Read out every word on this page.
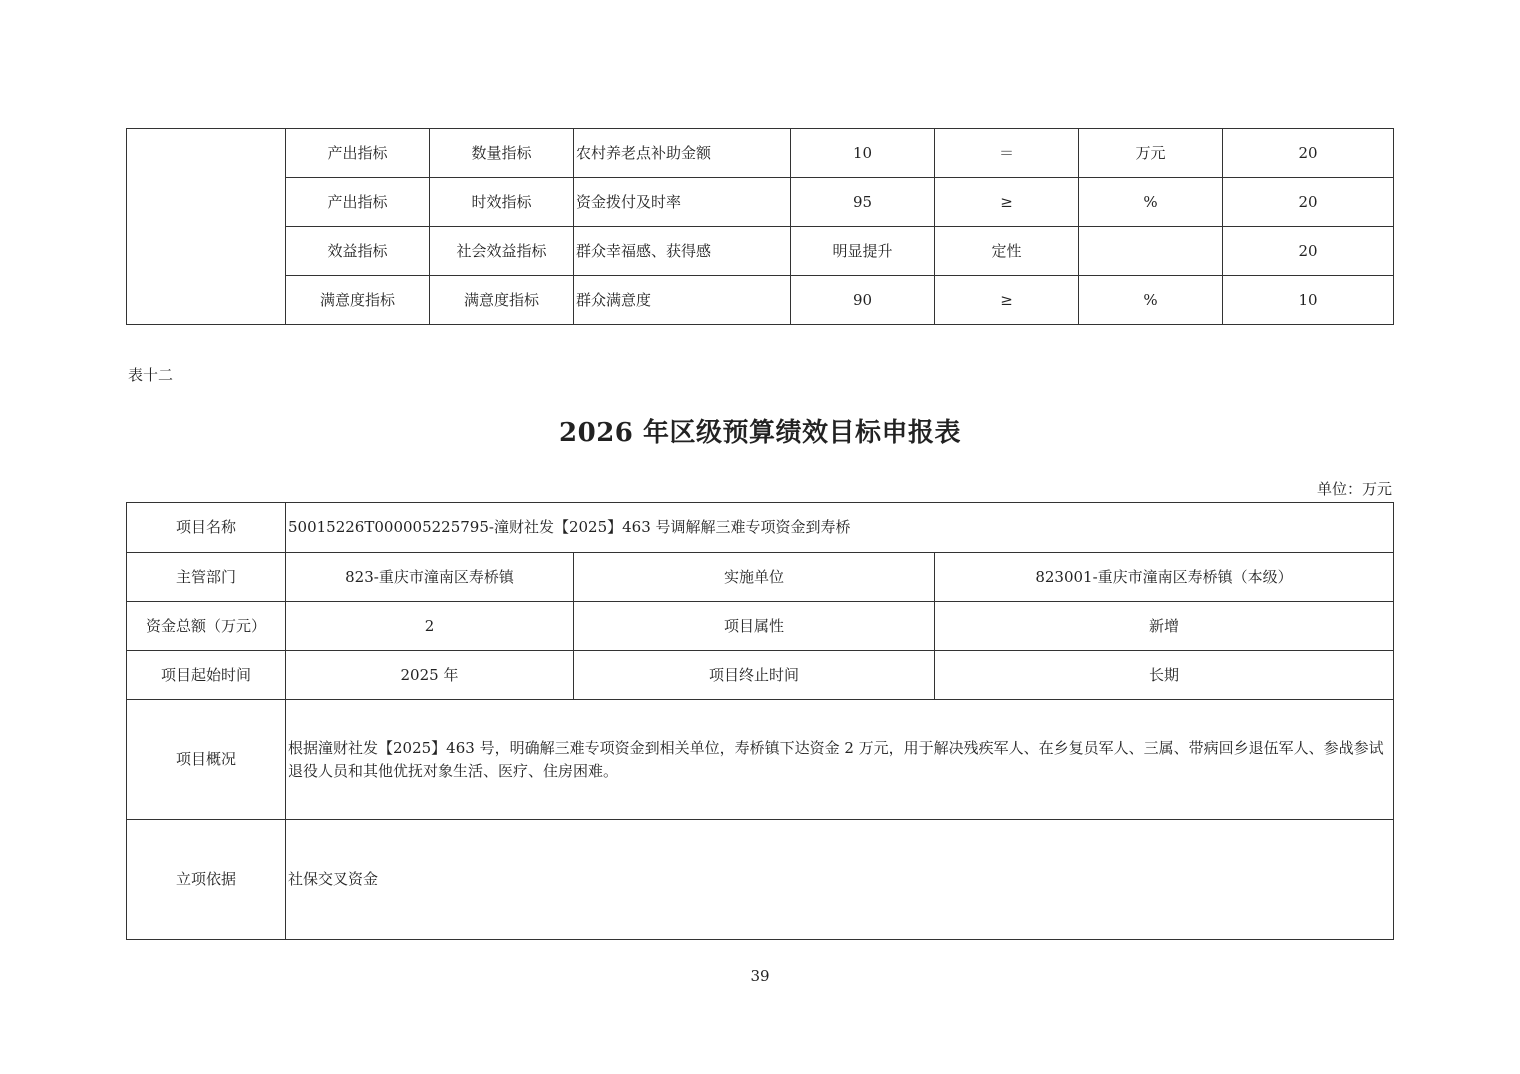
	产出指标	数量指标	农村养老点补助金额	10	＝	万元	20
	产出指标	时效指标	资金拨付及时率	95	≥	%	20
	效益指标	社会效益指标	群众幸福感、获得感	明显提升	定性		20
	满意度指标	满意度指标	群众满意度	90	≥	%	10
表十二
2026 年区级预算绩效目标申报表
单位：万元
项目名称	50015226T000005225795-潼财社发【2025】463 号调解解三难专项资金到寿桥		
主管部门	823-重庆市潼南区寿桥镇	实施单位	823001-重庆市潼南区寿桥镇（本级）
资金总额（万元）	2	项目属性	新增
项目起始时间	2025 年	项目终止时间	长期
项目概况	根据潼财社发【2025】463 号，明确解三难专项资金到相关单位，寿桥镇下达资金 2 万元，用于解决残疾军人、在乡复员军人、三属、带病回乡退伍军人、参战参试退役人员和其他优抚对象生活、医疗、住房困难。		
立项依据	社保交叉资金		
39
